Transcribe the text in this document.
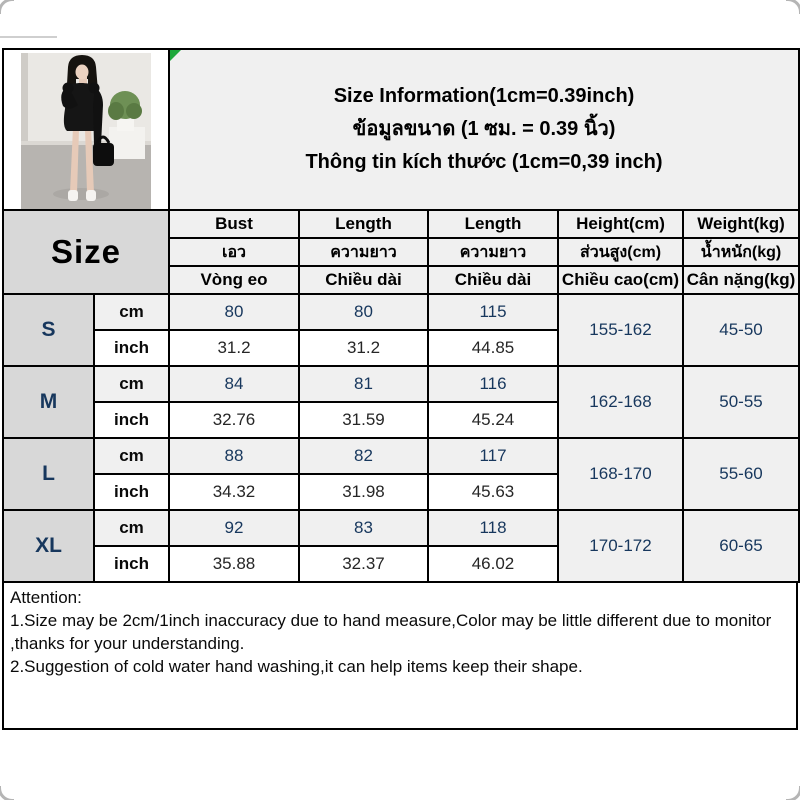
Size Information(1cm=0.39inch)
ข้อมูลขนาด (1 ซม. = 0.39 นิ้ว)
Thông tin kích thước (1cm=0,39 inch)				

Size		Bust	Length	Length	Height(cm)	Weight(kg)
		เอว	ความยาว	ความยาว	ส่วนสูง(cm)	น้ำหนัก(kg)
		Vòng eo	Chiều dài	Chiều dài	Chiều cao(cm)	Cân nặng(kg)
S	cm	80	80	115	155-162	45-50
	inch	31.2	31.2	44.85		
M	cm	84	81	116	162-168	50-55
	inch	32.76	31.59	45.24		
L	cm	88	82	117	168-170	55-60
	inch	34.32	31.98	45.63		
XL	cm	92	83	118	170-172	60-65
	inch	35.88	32.37	46.02		
Attention:
1.Size may be 2cm/1inch inaccuracy due to hand measure,Color may be little different due to monitor
,thanks for your understanding.
2.Suggestion of cold water hand washing,it can help items keep their shape.
